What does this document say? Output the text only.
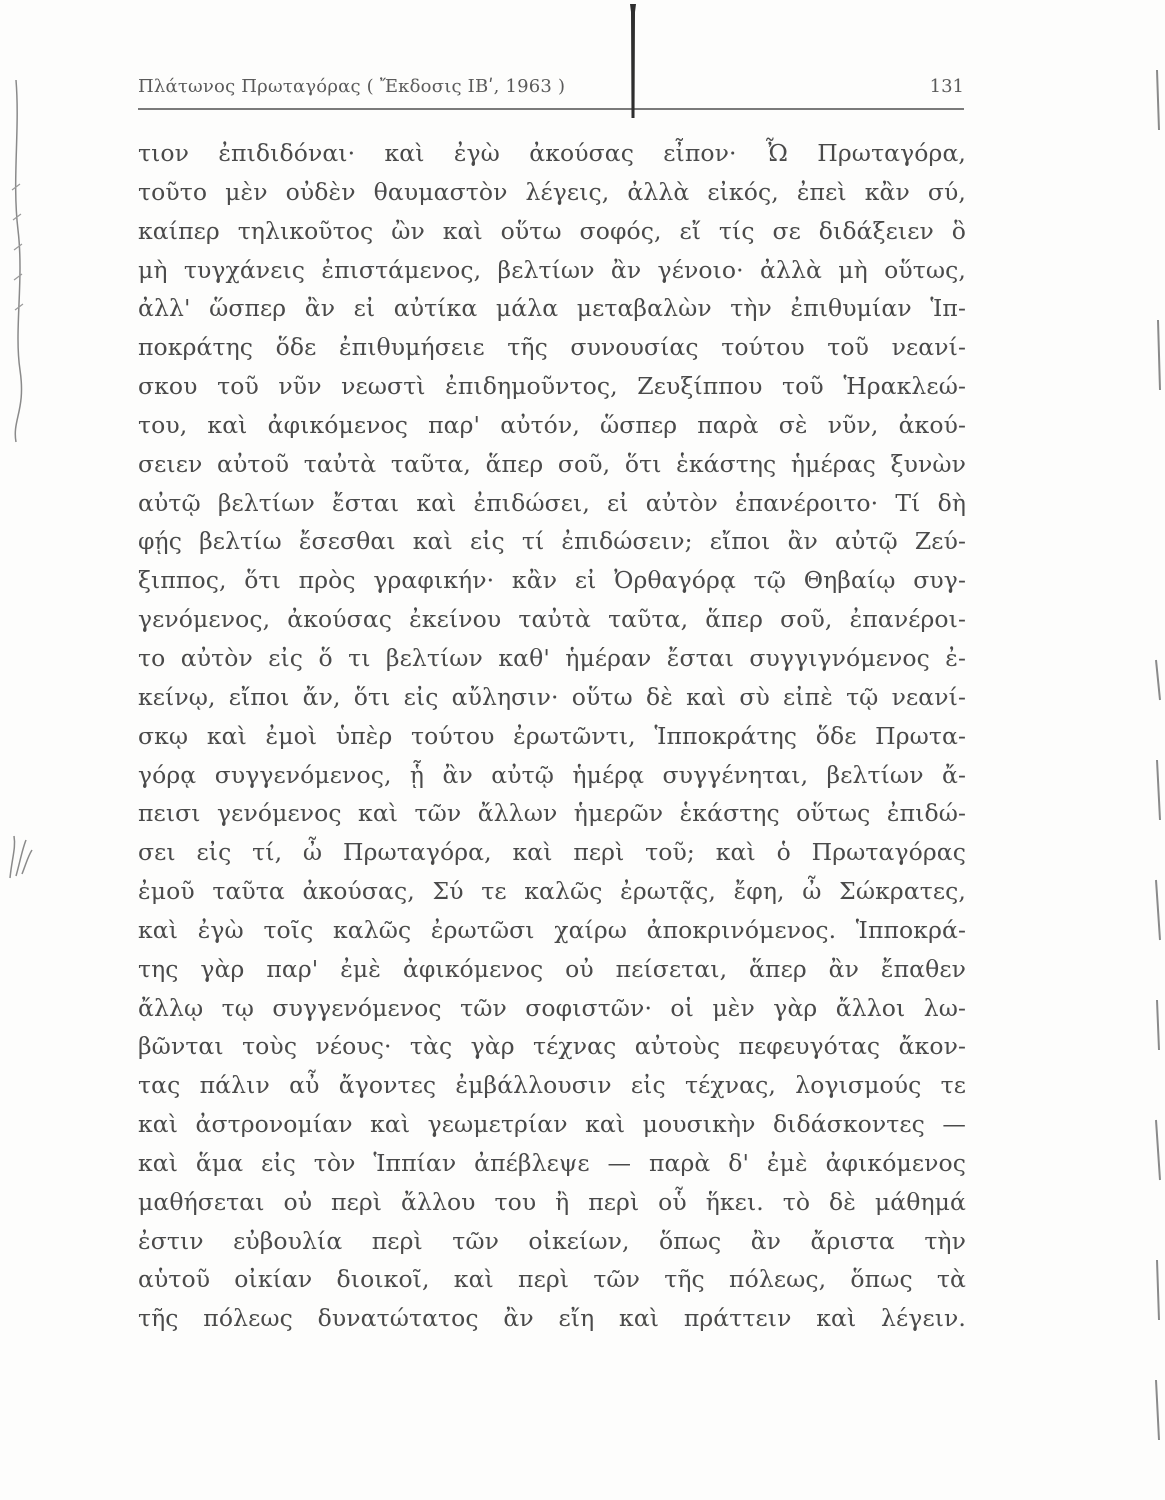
Πλάτωνος Πρωταγόρας ( Ἔκδοσις ΙΒʹ, 1963 )	131
τιον ἐπιδιδόναι· καὶ ἐγὼ ἀκούσας εἶπον· Ὦ Πρωταγόρα,
τοῦτο μὲν οὐδὲν θαυμαστὸν λέγεις, ἀλλὰ εἰκός, ἐπεὶ κἂν σύ,
καίπερ τηλικοῦτος ὢν καὶ οὕτω σοφός, εἴ τίς σε διδάξειεν ὃ
μὴ τυγχάνεις ἐπιστάμενος, βελτίων ἂν γένοιο· ἀλλὰ μὴ οὕτως,
ἀλλ' ὥσπερ ἂν εἰ αὐτίκα μάλα μεταβαλὼν τὴν ἐπιθυμίαν Ἱπ-
ποκράτης ὅδε ἐπιθυμήσειε τῆς συνουσίας τούτου τοῦ νεανί-
σκου τοῦ νῦν νεωστὶ ἐπιδημοῦντος, Ζευξίππου τοῦ Ἡρακλεώ-
του, καὶ ἀφικόμενος παρ' αὐτόν, ὥσπερ παρὰ σὲ νῦν, ἀκού-
σειεν αὐτοῦ ταὐτὰ ταῦτα, ἅπερ σοῦ, ὅτι ἑκάστης ἡμέρας ξυνὼν
αὐτῷ βελτίων ἔσται καὶ ἐπιδώσει, εἰ αὐτὸν ἐπανέροιτο· Τί δὴ
φῄς βελτίω ἔσεσθαι καὶ εἰς τί ἐπιδώσειν; εἴποι ἂν αὐτῷ Ζεύ-
ξιππος, ὅτι πρὸς γραφικήν· κἂν εἰ Ὀρθαγόρᾳ τῷ Θηβαίῳ συγ-
γενόμενος, ἀκούσας ἐκείνου ταὐτὰ ταῦτα, ἅπερ σοῦ, ἐπανέροι-
το αὐτὸν εἰς ὅ τι βελτίων καθ' ἡμέραν ἔσται συγγιγνόμενος ἐ-
κείνῳ, εἴποι ἄν, ὅτι εἰς αὔλησιν· οὕτω δὲ καὶ σὺ εἰπὲ τῷ νεανί-
σκῳ καὶ ἐμοὶ ὑπὲρ τούτου ἐρωτῶντι, Ἱπποκράτης ὅδε Πρωτα-
γόρᾳ συγγενόμενος, ᾗ ἂν αὐτῷ ἡμέρᾳ συγγένηται, βελτίων ἄ-
πεισι γενόμενος καὶ τῶν ἄλλων ἡμερῶν ἑκάστης οὕτως ἐπιδώ-
σει εἰς τί, ὦ Πρωταγόρα, καὶ περὶ τοῦ; καὶ ὁ Πρωταγόρας
ἐμοῦ ταῦτα ἀκούσας, Σύ τε καλῶς ἐρωτᾷς, ἔφη, ὦ Σώκρατες,
καὶ ἐγὼ τοῖς καλῶς ἐρωτῶσι χαίρω ἀποκρινόμενος. Ἱπποκρά-
της γὰρ παρ' ἐμὲ ἀφικόμενος οὐ πείσεται, ἅπερ ἂν ἔπαθεν
ἄλλῳ τῳ συγγενόμενος τῶν σοφιστῶν· οἱ μὲν γὰρ ἄλλοι λω-
βῶνται τοὺς νέους· τὰς γὰρ τέχνας αὐτοὺς πεφευγότας ἄκον-
τας πάλιν αὖ ἄγοντες ἐμβάλλουσιν εἰς τέχνας, λογισμούς τε
καὶ ἀστρονομίαν καὶ γεωμετρίαν καὶ μουσικὴν διδάσκοντες —
καὶ ἅμα εἰς τὸν Ἱππίαν ἀπέβλεψε — παρὰ δ' ἐμὲ ἀφικόμενος
μαθήσεται οὐ περὶ ἄλλου του ἢ περὶ οὗ ἥκει. τὸ δὲ μάθημά
ἐστιν εὐβουλία περὶ τῶν οἰκείων, ὅπως ἂν ἄριστα τὴν
αὑτοῦ οἰκίαν διοικοῖ, καὶ περὶ τῶν τῆς πόλεως, ὅπως τὰ
τῆς πόλεως δυνατώτατος ἂν εἴη καὶ πράττειν καὶ λέγειν.
